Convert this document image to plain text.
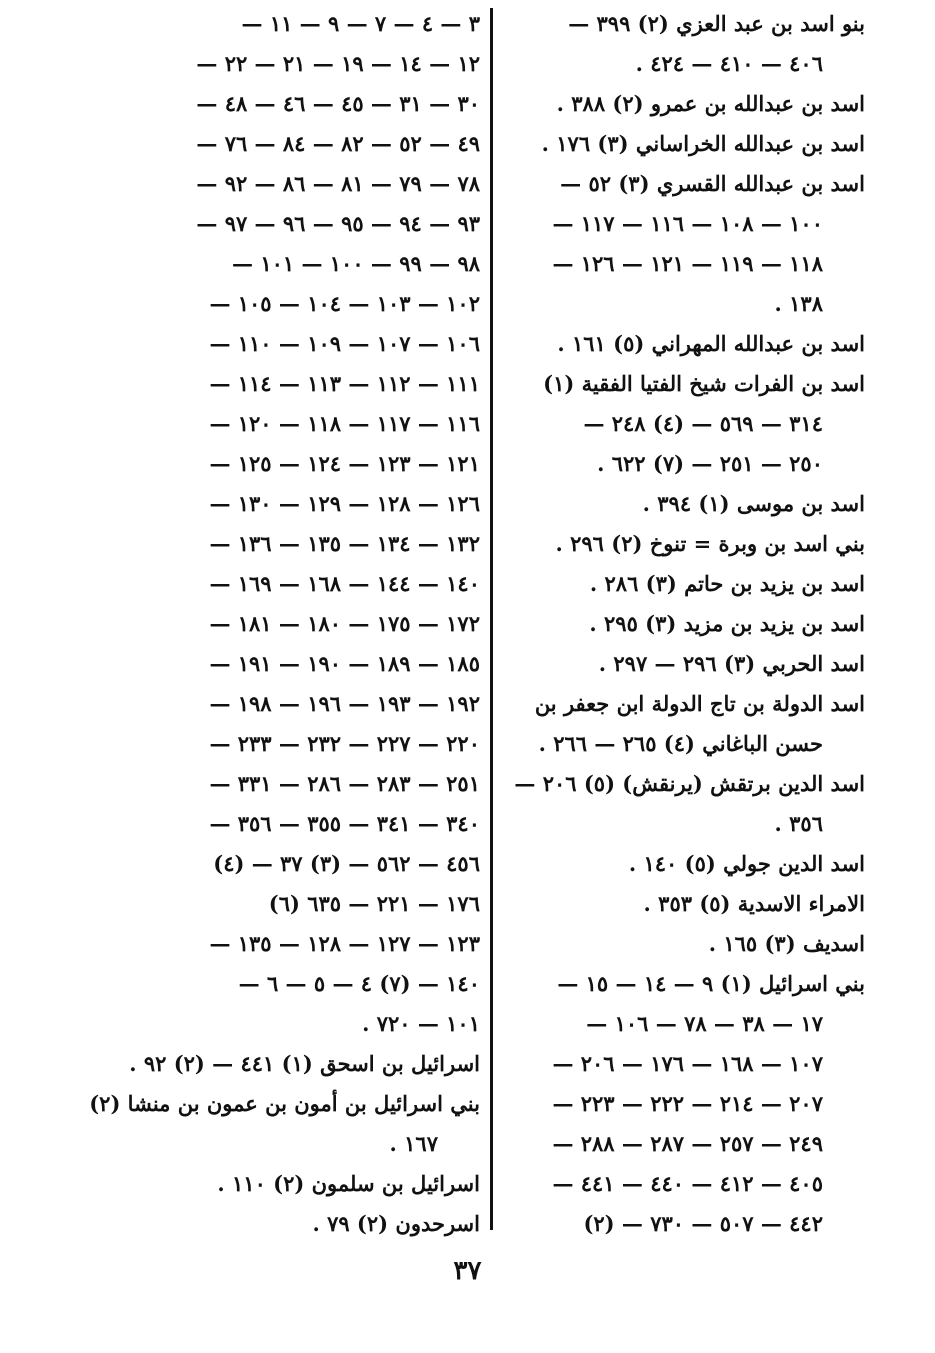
بنو اسد بن عبد العزي (٢) ٣٩٩ —
٤٠٦ — ٤١٠ — ٤٢٤ .
اسد بن عبدالله بن عمرو (٢) ٣٨٨ .
اسد بن عبدالله الخراساني (٣) ١٧٦ .
اسد بن عبدالله القسري (٣) ٥٢ —
١٠٠ — ١٠٨ — ١١٦ — ١١٧ —
١١٨ — ١١٩ — ١٢١ — ١٢٦ —
١٣٨ .
اسد بن عبدالله المهراني (٥) ١٦١ .
اسد بن الفرات شيخ الفتيا الفقية (١)
٣١٤ — ٥٦٩ — (٤) ٢٤٨ —
٢٥٠ — ٢٥١ — (٧) ٦٢٢ .
اسد بن موسى (١) ٣٩٤ .
بني اسد بن وبرة = تنوخ (٢) ٢٩٦ .
اسد بن يزيد بن حاتم (٣) ٢٨٦ .
اسد بن يزيد بن مزيد (٣) ٢٩٥ .
اسد الحربي (٣) ٢٩٦ — ٢٩٧ .
اسد الدولة بن تاج الدولة ابن جعفر بن
حسن الباغاني (٤) ٢٦٥ — ٢٦٦ .
اسد الدين برتقش (يرنقش) (٥) ٢٠٦ —
٣٥٦ .
اسد الدين جولي (٥) ١٤٠ .
الامراء الاسدية (٥) ٣٥٣ .
اسديف (٣) ١٦٥ .
بني اسرائيل (١) ٩ — ١٤ — ١٥ —
١٧ — ٣٨ — ٧٨ — ١٠٦ —
١٠٧ — ١٦٨ — ١٧٦ — ٢٠٦ —
٢٠٧ — ٢١٤ — ٢٢٢ — ٢٢٣ —
٢٤٩ — ٢٥٧ — ٢٨٧ — ٢٨٨ —
٤٠٥ — ٤١٢ — ٤٤٠ — ٤٤١ —
٤٤٢ — ٥٠٧ — ٧٣٠ — (٢)
٣ — ٤ — ٧ — ٩ — ١١ —
١٢ — ١٤ — ١٩ — ٢١ — ٢٢ —
٣٠ — ٣١ — ٤٥ — ٤٦ — ٤٨ —
٤٩ — ٥٢ — ٨٢ — ٨٤ — ٧٦ —
٧٨ — ٧٩ — ٨١ — ٨٦ — ٩٢ —
٩٣ — ٩٤ — ٩٥ — ٩٦ — ٩٧ —
٩٨ — ٩٩ — ١٠٠ — ١٠١ —
١٠٢ — ١٠٣ — ١٠٤ — ١٠٥ —
١٠٦ — ١٠٧ — ١٠٩ — ١١٠ —
١١١ — ١١٢ — ١١٣ — ١١٤ —
١١٦ — ١١٧ — ١١٨ — ١٢٠ —
١٢١ — ١٢٣ — ١٢٤ — ١٢٥ —
١٢٦ — ١٢٨ — ١٢٩ — ١٣٠ —
١٣٢ — ١٣٤ — ١٣٥ — ١٣٦ —
١٤٠ — ١٤٤ — ١٦٨ — ١٦٩ —
١٧٢ — ١٧٥ — ١٨٠ — ١٨١ —
١٨٥ — ١٨٩ — ١٩٠ — ١٩١ —
١٩٢ — ١٩٣ — ١٩٦ — ١٩٨ —
٢٢٠ — ٢٢٧ — ٢٣٢ — ٢٣٣ —
٢٥١ — ٢٨٣ — ٢٨٦ — ٣٣١ —
٣٤٠ — ٣٤١ — ٣٥٥ — ٣٥٦ —
٤٥٦ — ٥٦٢ — (٣) ٣٧ — (٤)
١٧٦ — ٢٢١ — ٦٣٥ (٦)
١٢٣ — ١٢٧ — ١٢٨ — ١٣٥ —
١٤٠ — (٧) ٤ — ٥ — ٦ —
١٠١ — ٧٢٠ .
اسرائيل بن اسحق (١) ٤٤١ — (٢) ٩٢ .
بني اسرائيل بن أمون بن عمون بن منشا (٢)
١٦٧ .
اسرائيل بن سلمون (٢) ١١٠ .
اسرحدون (٢) ٧٩ .
٣٧
